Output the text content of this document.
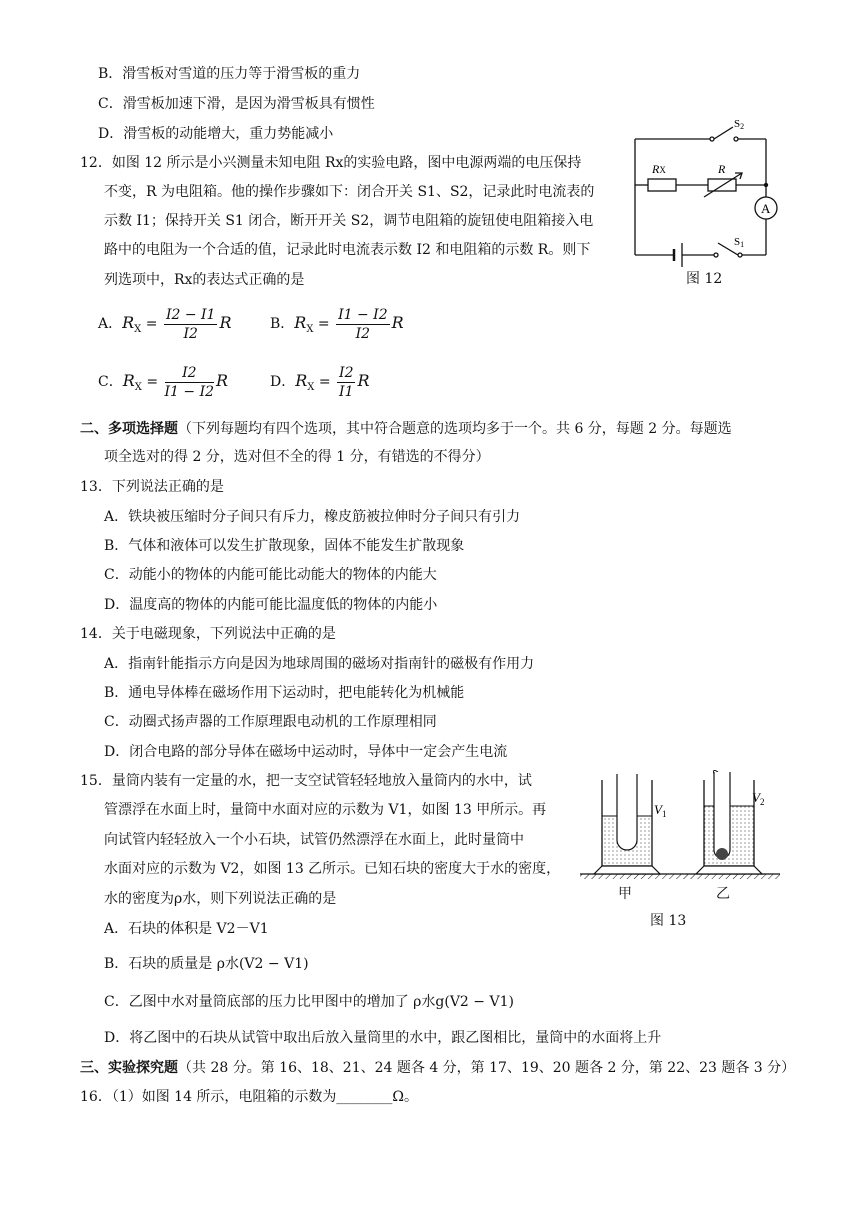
B．滑雪板对雪道的压力等于滑雪板的重力
C．滑雪板加速下滑，是因为滑雪板具有惯性
D．滑雪板的动能增大，重力势能减小
12．如图 12 所示是小兴测量未知电阻 Rx的实验电路，图中电源两端的电压保持
不变，R 为电阻箱。他的操作步骤如下：闭合开关 S1、S2，记录此时电流表的
示数 I1；保持开关 S1 闭合，断开开关 S2，调节电阻箱的旋钮使电阻箱接入电
路中的电阻为一个合适的值，记录此时电流表示数 I2 和电阻箱的示数 R。则下
列选项中，Rx的表达式正确的是
A
RX	R
S2
S1
图 12
A．$R_X = \frac{I2 - I1}{I2}$ R	B．$R_X = \frac{I1 - I2}{I2}$ R
C．$R_X = \frac{I2}{I1 - I2}$ R	D．$R_X = \frac{I2}{I1}$ R
二、多项选择题（下列每题均有四个选项，其中符合题意的选项均多于一个。共 6 分，每题 2 分。每题选
项全选对的得 2 分，选对但不全的得 1 分，有错选的不得分）
13．下列说法正确的是
A．铁块被压缩时分子间只有斥力，橡皮筋被拉伸时分子间只有引力
B．气体和液体可以发生扩散现象，固体不能发生扩散现象
C．动能小的物体的内能可能比动能大的物体的内能大
D．温度高的物体的内能可能比温度低的物体的内能小
14．关于电磁现象，下列说法中正确的是
A．指南针能指示方向是因为地球周围的磁场对指南针的磁极有作用力
B．通电导体棒在磁场作用下运动时，把电能转化为机械能
C．动圈式扬声器的工作原理跟电动机的工作原理相同
D．闭合电路的部分导体在磁场中运动时，导体中一定会产生电流
15．量筒内装有一定量的水，把一支空试管轻轻地放入量筒内的水中，试
管漂浮在水面上时，量筒中水面对应的示数为 V1，如图 13 甲所示。再
向试管内轻轻放入一个小石块，试管仍然漂浮在水面上，此时量筒中
水面对应的示数为 V2，如图 13 乙所示。已知石块的密度大于水的密度，
水的密度为ρ水，则下列说法正确的是
$V_1$
$V_2$
甲	乙
图 13
A．石块的体积是 V2－V1
B．石块的质量是 ρ水(V2 − V1)
C．乙图中水对量筒底部的压力比甲图中的增加了 ρ水g(V2 − V1)
D．将乙图中的石块从试管中取出后放入量筒里的水中，跟乙图相比，量筒中的水面将上升
三、实验探究题（共 28 分。第 16、18、21、24 题各 4 分，第 17、19、20 题各 2 分，第 22、23 题各 3 分）
16．（1）如图 14 所示，电阻箱的示数为________Ω。
